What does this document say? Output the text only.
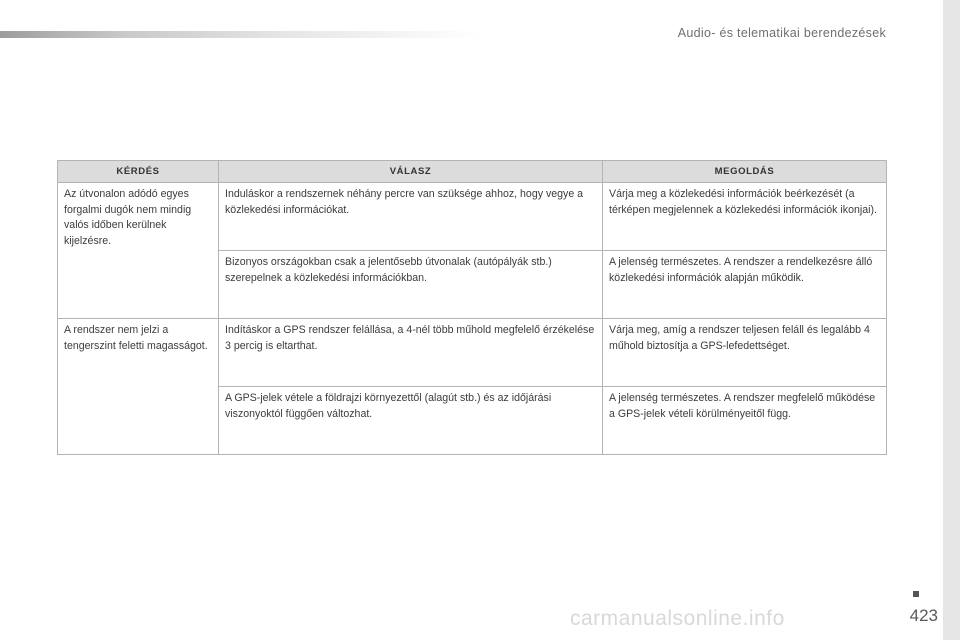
Audio- és telematikai berendezések
KÉRDÉS	VÁLASZ	MEGOLDÁS
Az útvonalon adódó egyes forgalmi dugók nem mindig valós időben kerülnek kijelzésre.	Induláskor a rendszernek néhány percre van szüksége ahhoz, hogy vegye a közlekedési információkat.	Várja meg a közlekedési információk beérkezését (a térképen megjelennek a közlekedési információk ikonjai).
	Bizonyos országokban csak a jelentősebb útvonalak (autópályák stb.) szerepelnek a közlekedési információkban.	A jelenség természetes. A rendszer a rendelkezésre álló közlekedési információk alapján működik.
A rendszer nem jelzi a tengerszint feletti magasságot.	Indításkor a GPS rendszer felállása, a 4-nél több műhold megfelelő érzékelése 3 percig is eltarthat.	Várja meg, amíg a rendszer teljesen feláll és legalább 4 műhold biztosítja a GPS-lefedettséget.
	A GPS-jelek vétele a földrajzi környezettől (alagút stb.) és az időjárási viszonyoktól függően változhat.	A jelenség természetes. A rendszer megfelelő működése a GPS-jelek vételi körülményeitől függ.
carmanualsonline.info	423
